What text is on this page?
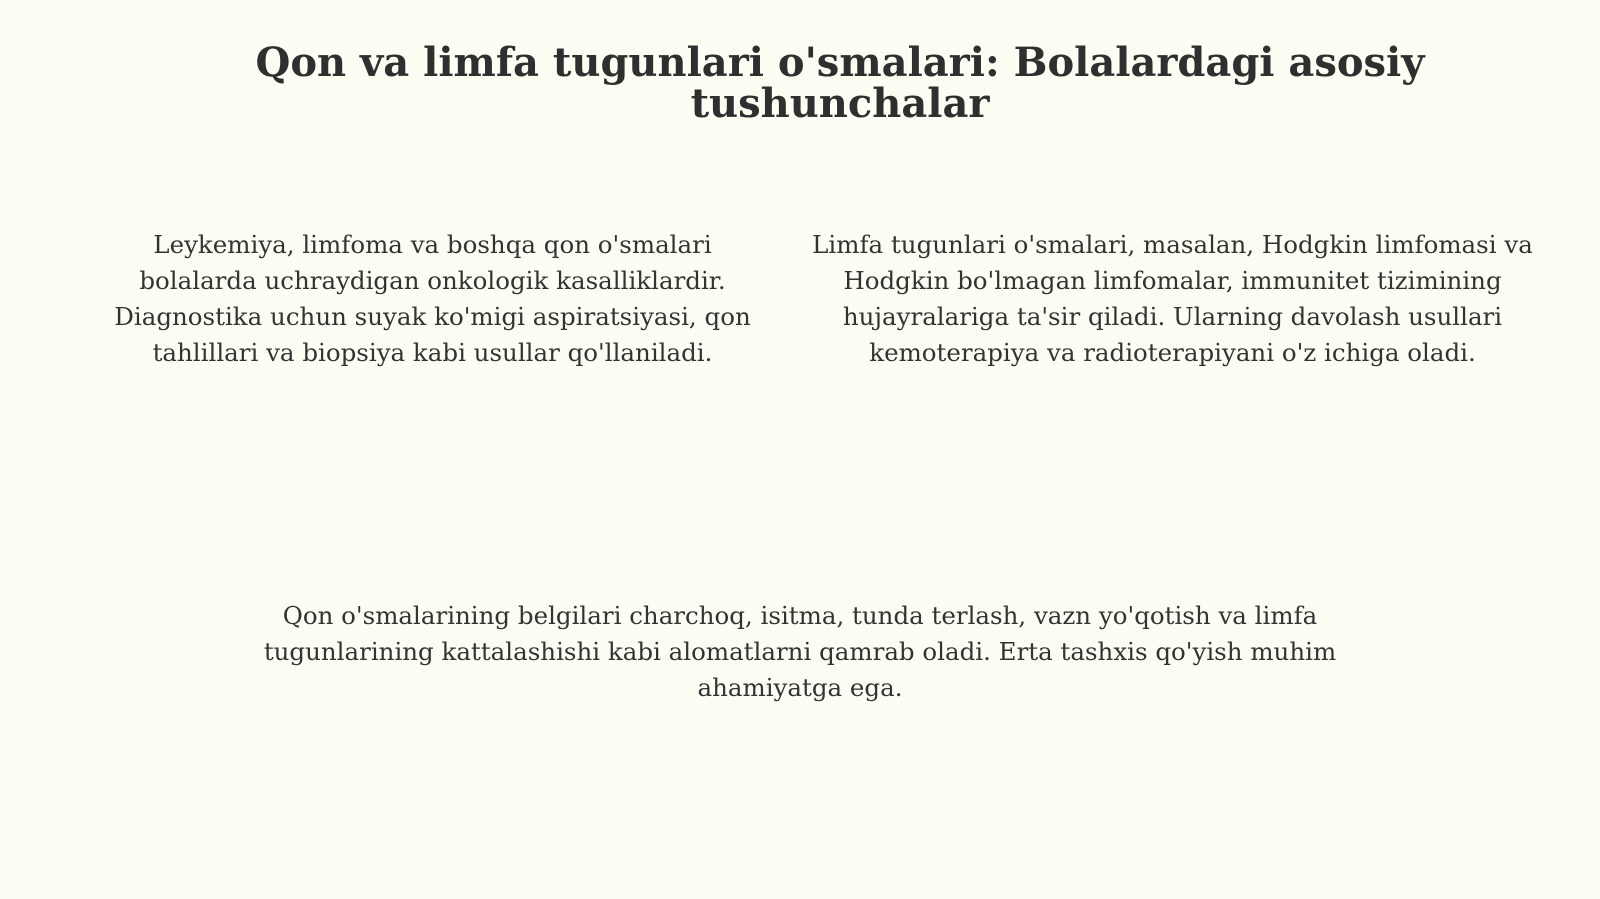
Qon va limfa tugunlari o'smalari: Bolalardagi asosiy tushunchalar

Leykemiya, limfoma va boshqa qon o'smalari bolalarda uchraydigan onkologik kasalliklardir. Diagnostika uchun suyak ko'migi aspiratsiyasi, qon tahlillari va biopsiya kabi usullar qo'llaniladi.

Limfa tugunlari o'smalari, masalan, Hodgkin limfomasi va Hodgkin bo'lmagan limfomalar, immunitet tizimining hujayralariga ta'sir qiladi. Ularning davolash usullari kemoterapiya va radioterapiyani o'z ichiga oladi.

Qon o'smalarining belgilari charchoq, isitma, tunda terlash, vazn yo'qotish va limfa tugunlarining kattalashishi kabi alomatlarni qamrab oladi. Erta tashxis qo'yish muhim ahamiyatga ega.
